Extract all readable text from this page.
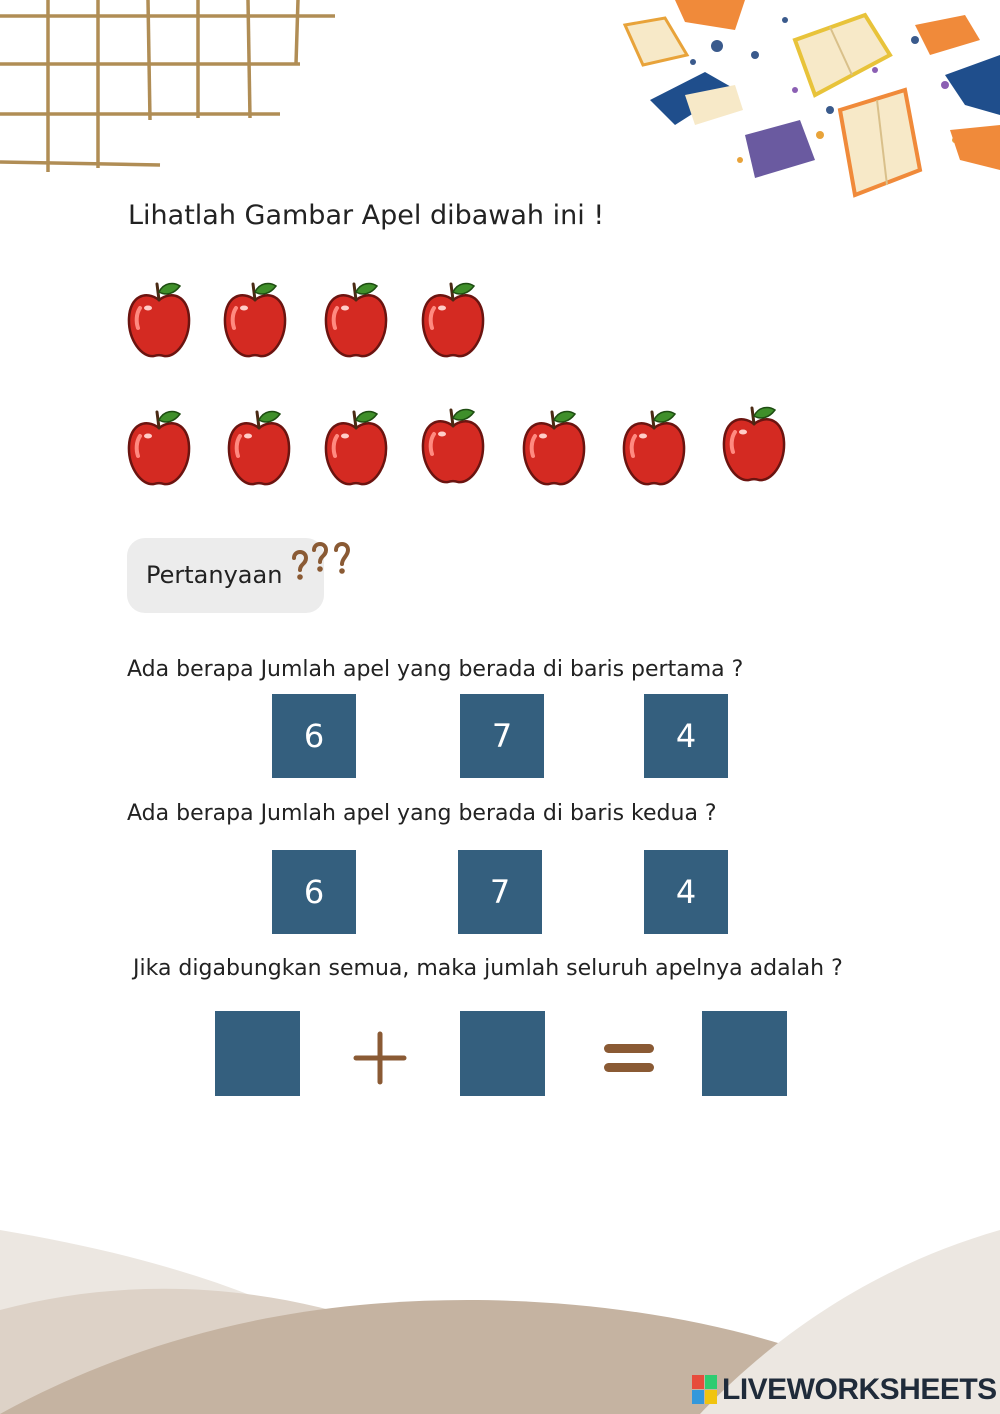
Lihatlah Gambar Apel dibawah ini !
Pertanyaan
Ada berapa Jumlah apel yang berada di baris pertama ?
6	7	4
Ada berapa Jumlah apel yang berada di baris kedua ?
6	7	4
Jika digabungkan semua, maka jumlah seluruh apelnya adalah ?
LIVEWORKSHEETS
